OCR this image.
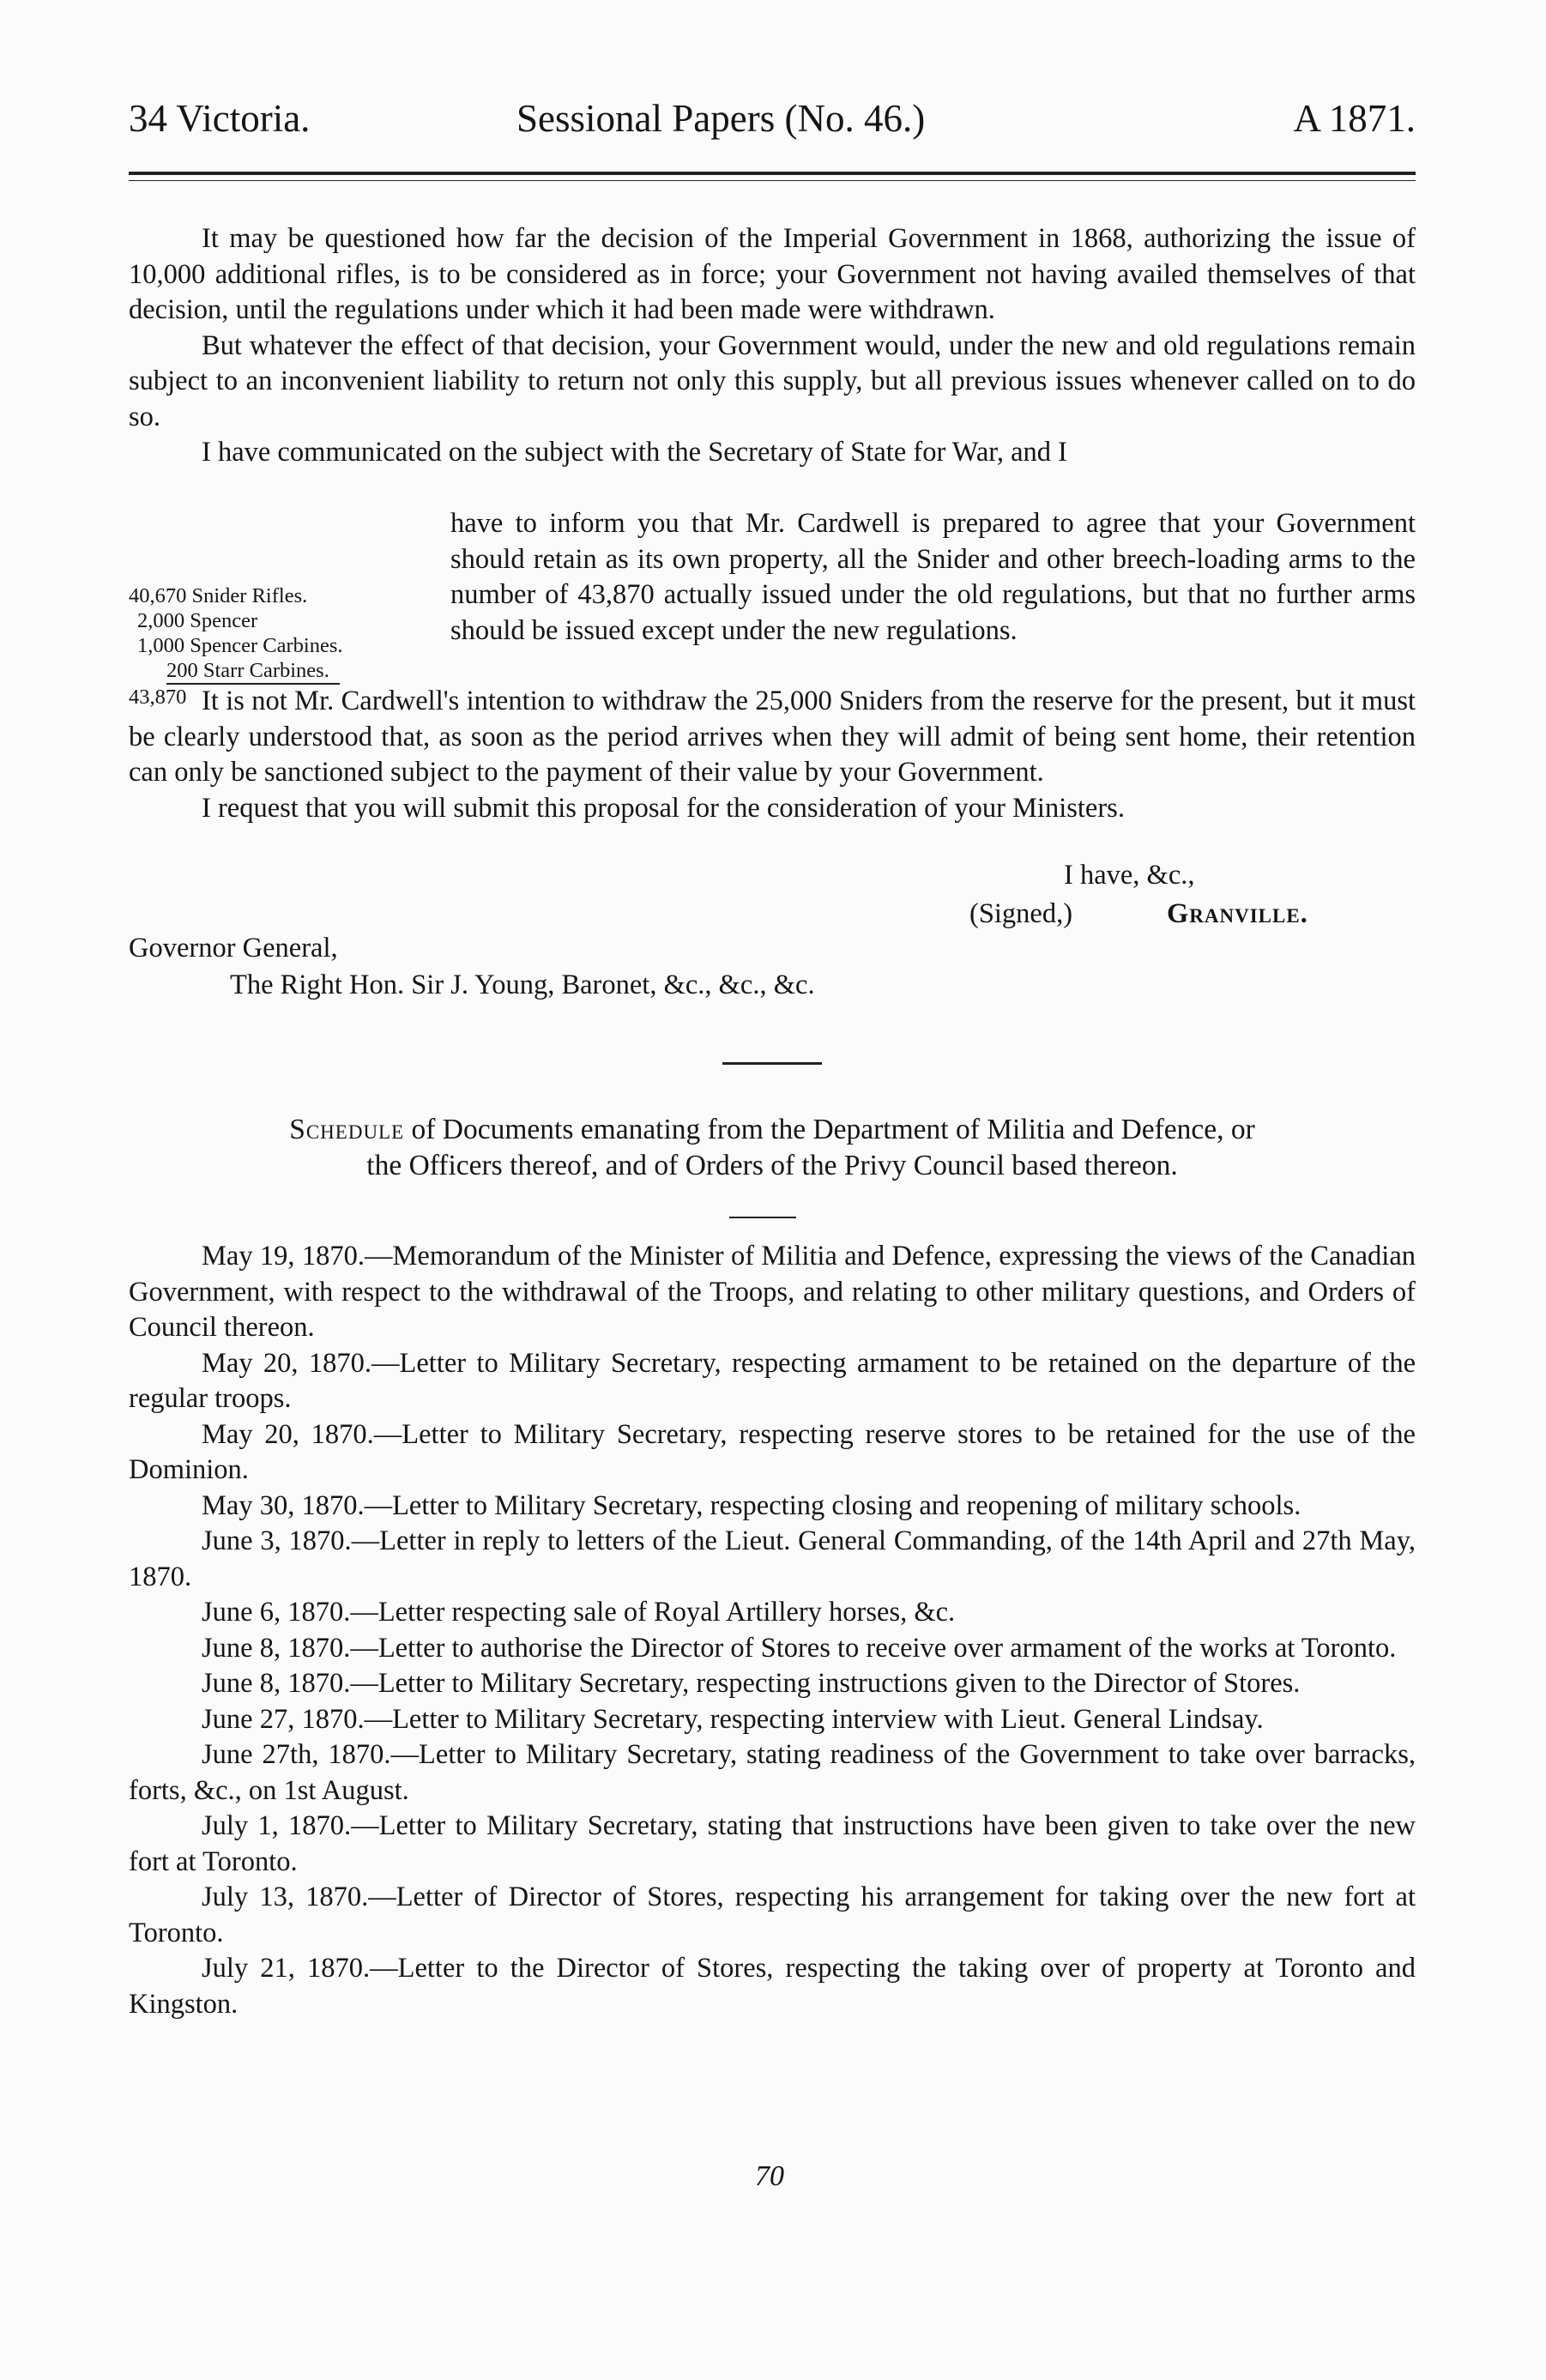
34 Victoria.	Sessional Papers (No. 46.)	A 1871.

It may be questioned how far the decision of the Imperial Government in 1868, authorizing the issue of 10,000 additional rifles, is to be considered as in force; your Government not having availed themselves of that decision, until the regulations under which it had been made were withdrawn.

But whatever the effect of that decision, your Government would, under the new and old regulations remain subject to an inconvenient liability to return not only this supply, but all previous issues whenever called on to do so.

I have communicated on the subject with the Secretary of State for War, and I

40,670 Snider Rifles.
2,000 Spencer
1,000 Spencer Carbines.
200 Starr Carbines.
43,870

have to inform you that Mr. Cardwell is prepared to agree that your Government should retain as its own property, all the Snider and other breech-loading arms to the number of 43,870 actually issued under the old regulations, but that no further arms should be issued except under the new regulations.

It is not Mr. Cardwell's intention to withdraw the 25,000 Sniders from the reserve for the present, but it must be clearly understood that, as soon as the period arrives when they will admit of being sent home, their retention can only be sanctioned subject to the payment of their value by your Government.

I request that you will submit this proposal for the consideration of your Ministers.

I have, &c.,
(Signed,)	Granville.
Governor General,
The Right Hon. Sir J. Young, Baronet, &c., &c., &c.
Schedule of Documents emanating from the Department of Militia and Defence, or
the Officers thereof, and of Orders of the Privy Council based thereon.

May 19, 1870.—Memorandum of the Minister of Militia and Defence, expressing the views of the Canadian Government, with respect to the withdrawal of the Troops, and relating to other military questions, and Orders of Council thereon.

May 20, 1870.—Letter to Military Secretary, respecting armament to be retained on the departure of the regular troops.

May 20, 1870.—Letter to Military Secretary, respecting reserve stores to be retained for the use of the Dominion.

May 30, 1870.—Letter to Military Secretary, respecting closing and reopening of military schools.

June 3, 1870.—Letter in reply to letters of the Lieut. General Commanding, of the 14th April and 27th May, 1870.

June 6, 1870.—Letter respecting sale of Royal Artillery horses, &c.

June 8, 1870.—Letter to authorise the Director of Stores to receive over armament of the works at Toronto.

June 8, 1870.—Letter to Military Secretary, respecting instructions given to the Director of Stores.

June 27, 1870.—Letter to Military Secretary, respecting interview with Lieut. General Lindsay.

June 27th, 1870.—Letter to Military Secretary, stating readiness of the Government to take over barracks, forts, &c., on 1st August.

July 1, 1870.—Letter to Military Secretary, stating that instructions have been given to take over the new fort at Toronto.

July 13, 1870.—Letter of Director of Stores, respecting his arrangement for taking over the new fort at Toronto.

July 21, 1870.—Letter to the Director of Stores, respecting the taking over of property at Toronto and Kingston.

70
